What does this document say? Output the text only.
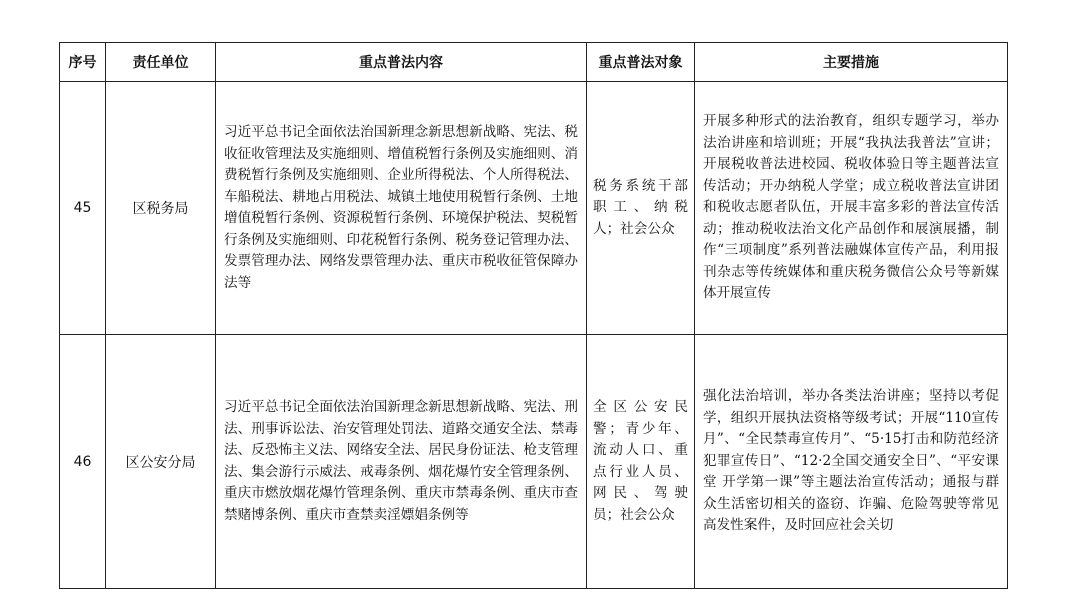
序号	责任单位	重点普法内容	重点普法对象	主要措施
45	区税务局	习近平总书记全面依法治国新理念新思想新战略、宪法、税收征收管理法及实施细则、增值税暂行条例及实施细则、消费税暂行条例及实施细则、企业所得税法、个人所得税法、车船税法、耕地占用税法、城镇土地使用税暂行条例、土地增值税暂行条例、资源税暂行条例、环境保护税法、契税暂行条例及实施细则、印花税暂行条例、税务登记管理办法、发票管理办法、网络发票管理办法、重庆市税收征管保障办法等	税务系统干部职工、纳税人；社会公众	开展多种形式的法治教育，组织专题学习，举办法治讲座和培训班；开展“我执法我普法”宣讲；开展税收普法进校园、税收体验日等主题普法宣传活动；开办纳税人学堂；成立税收普法宣讲团和税收志愿者队伍，开展丰富多彩的普法宣传活动；推动税收法治文化产品创作和展演展播，制作“三项制度”系列普法融媒体宣传产品，利用报刊杂志等传统媒体和重庆税务微信公众号等新媒体开展宣传
46	区公安分局	习近平总书记全面依法治国新理念新思想新战略、宪法、刑法、刑事诉讼法、治安管理处罚法、道路交通安全法、禁毒法、反恐怖主义法、网络安全法、居民身份证法、枪支管理法、集会游行示威法、戒毒条例、烟花爆竹安全管理条例、重庆市燃放烟花爆竹管理条例、重庆市禁毒条例、重庆市查禁赌博条例、重庆市查禁卖淫嫖娼条例等	全区公安民警；青少年、流动人口、重点行业人员、网民、驾驶员；社会公众	强化法治培训，举办各类法治讲座；坚持以考促学，组织开展执法资格等级考试；开展“110宣传月”、“全民禁毒宣传月”、“5·15打击和防范经济犯罪宣传日”、“12·2全国交通安全日”、“平安课堂 开学第一课”等主题法治宣传活动；通报与群众生活密切相关的盗窃、诈骗、危险驾驶等常见高发性案件，及时回应社会关切
